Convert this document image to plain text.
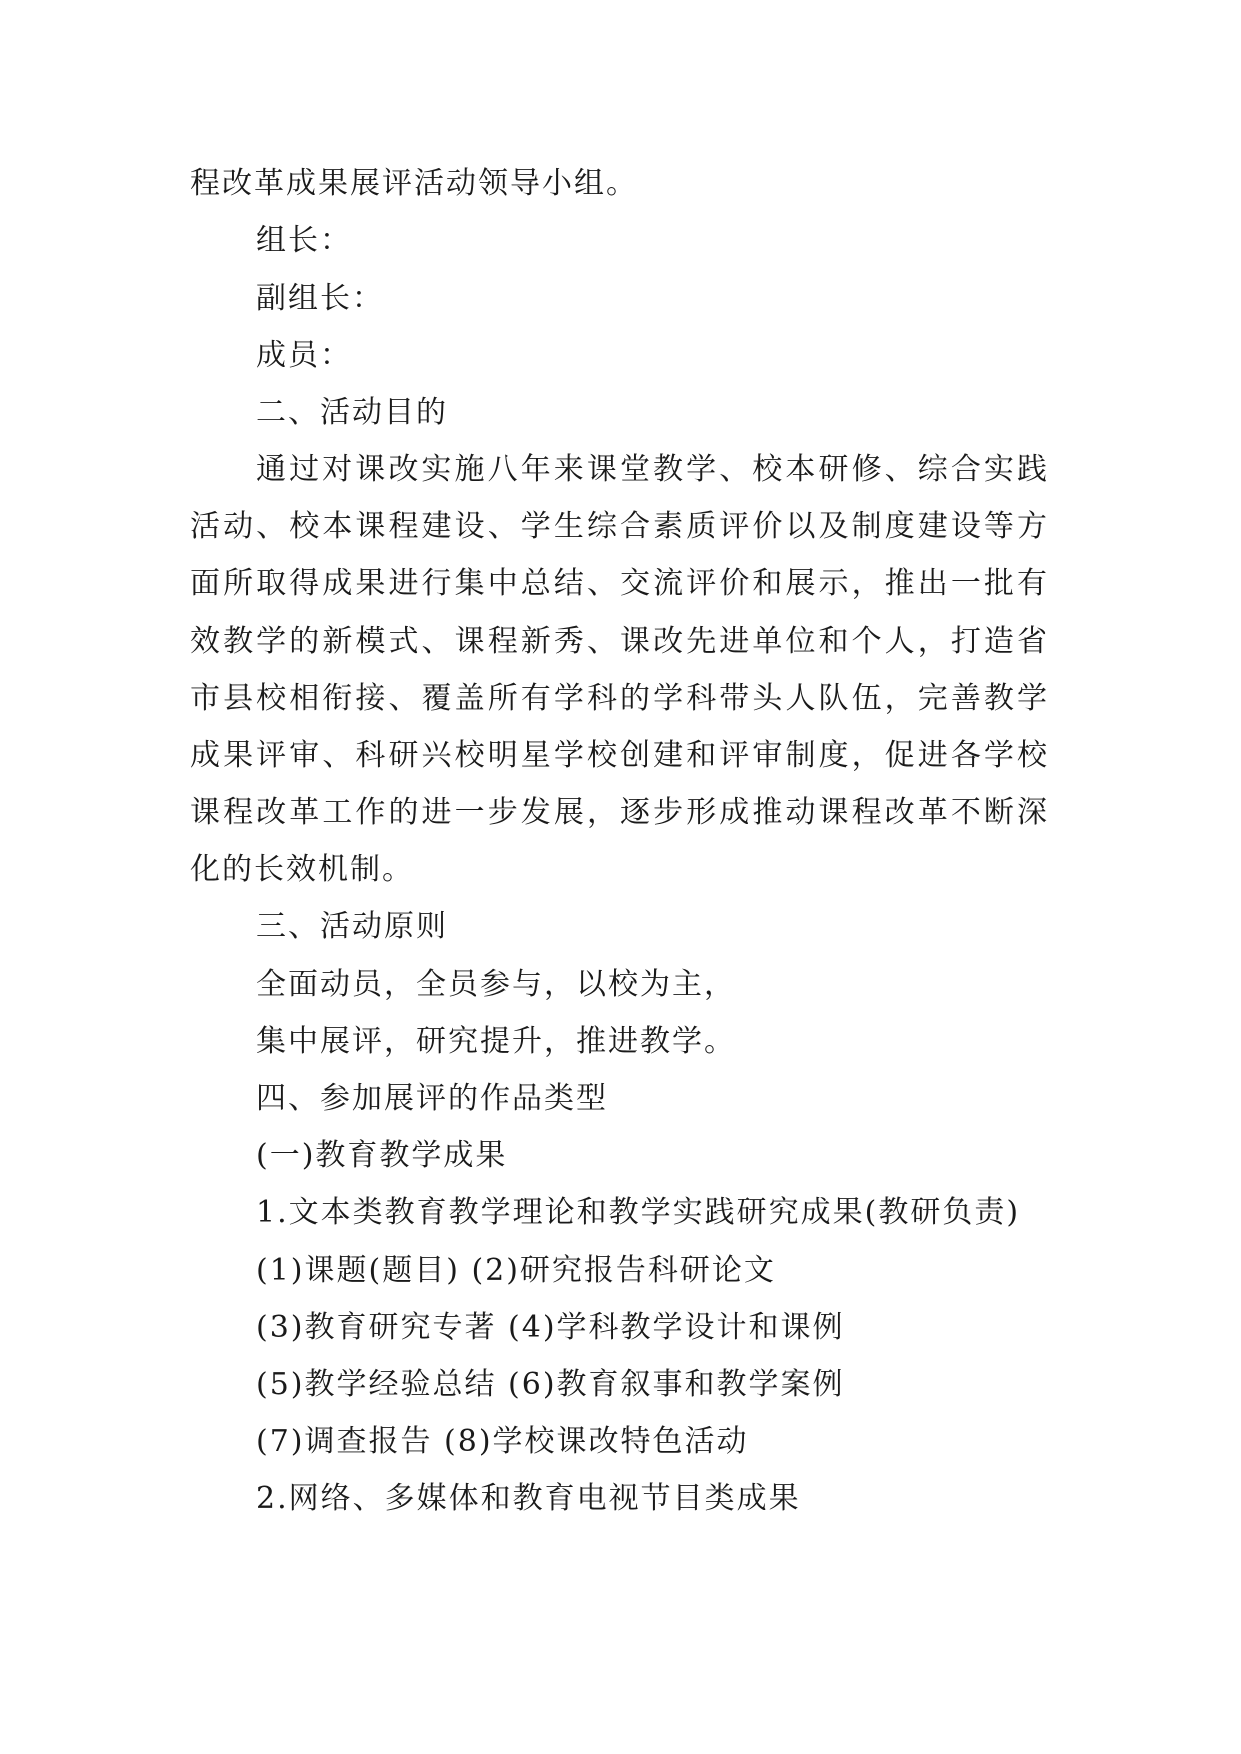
程改革成果展评活动领导小组。
组长：
副组长：
成员：
二、活动目的
通过对课改实施八年来课堂教学、校本研修、综合实践
活动、校本课程建设、学生综合素质评价以及制度建设等方
面所取得成果进行集中总结、交流评价和展示，推出一批有
效教学的新模式、课程新秀、课改先进单位和个人，打造省
市县校相衔接、覆盖所有学科的学科带头人队伍，完善教学
成果评审、科研兴校明星学校创建和评审制度，促进各学校
课程改革工作的进一步发展，逐步形成推动课程改革不断深
化的长效机制。
三、活动原则
全面动员，全员参与，以校为主，
集中展评，研究提升，推进教学。
四、参加展评的作品类型
(一)教育教学成果
1.文本类教育教学理论和教学实践研究成果(教研负责)
(1)课题(题目) (2)研究报告科研论文
(3)教育研究专著 (4)学科教学设计和课例
(5)教学经验总结 (6)教育叙事和教学案例
(7)调查报告 (8)学校课改特色活动
2.网络、多媒体和教育电视节目类成果
